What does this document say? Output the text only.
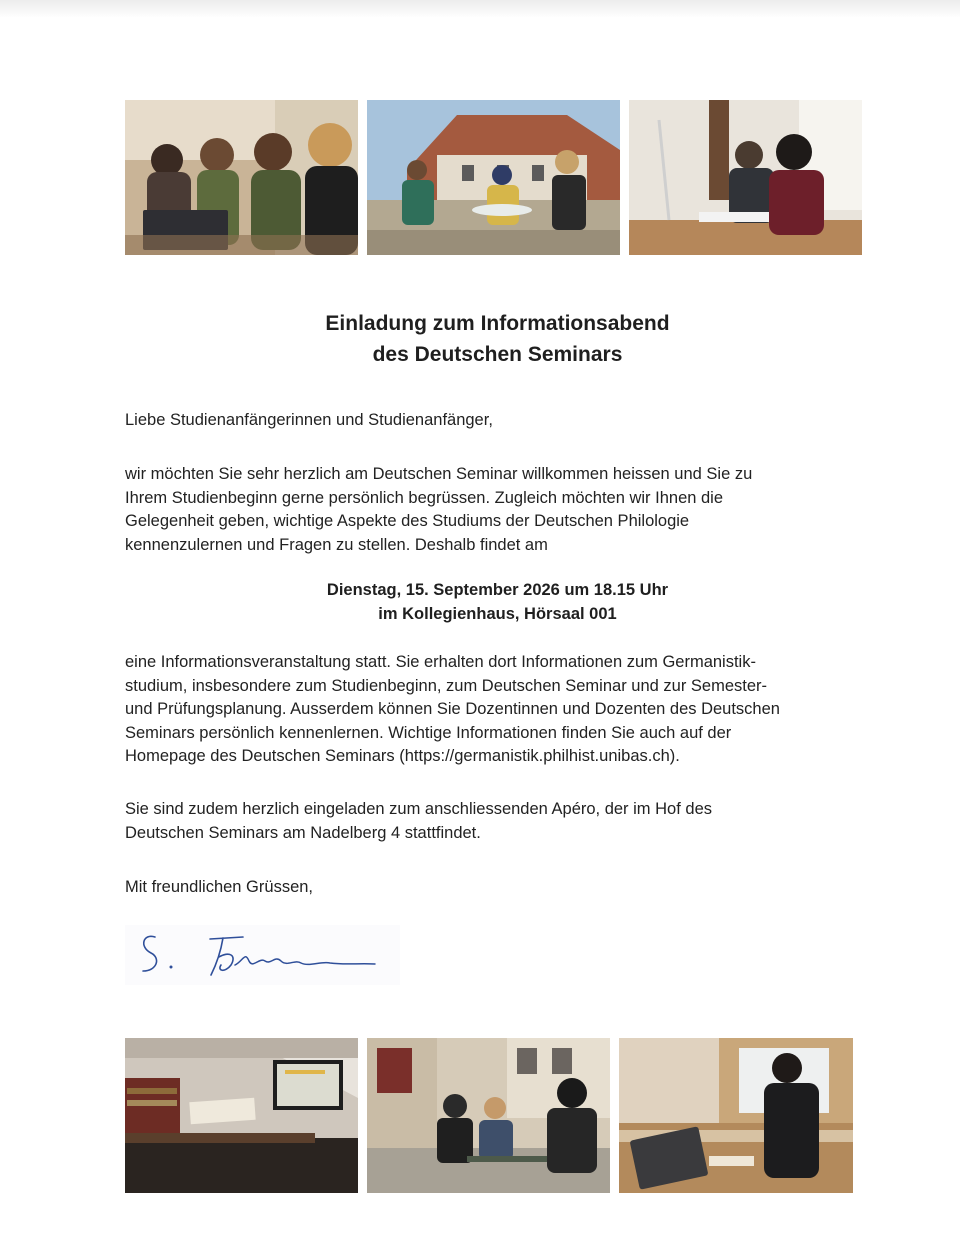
Einladung zum Informationsabend
des Deutschen Seminars

Liebe Studienanfängerinnen und Studienanfänger,

wir möchten Sie sehr herzlich am Deutschen Seminar willkommen heissen und Sie zu
Ihrem Studienbeginn gerne persönlich begrüssen. Zugleich möchten wir Ihnen die
Gelegenheit geben, wichtige Aspekte des Studiums der Deutschen Philologie
kennenzulernen und Fragen zu stellen. Deshalb findet am
Dienstag, 15. September 2026 um 18.15 Uhr
im Kollegienhaus, Hörsaal 001
eine Informationsveranstaltung statt. Sie erhalten dort Informationen zum Germanistik-
studium, insbesondere zum Studienbeginn, zum Deutschen Seminar und zur Semester-
und Prüfungsplanung. Ausserdem können Sie Dozentinnen und Dozenten des Deutschen
Seminars persönlich kennenlernen. Wichtige Informationen finden Sie auch auf der
Homepage des Deutschen Seminars (https://germanistik.philhist.unibas.ch).
Sie sind zudem herzlich eingeladen zum anschliessenden Apéro, der im Hof des
Deutschen Seminars am Nadelberg 4 stattfindet.

Mit freundlichen Grüssen,
